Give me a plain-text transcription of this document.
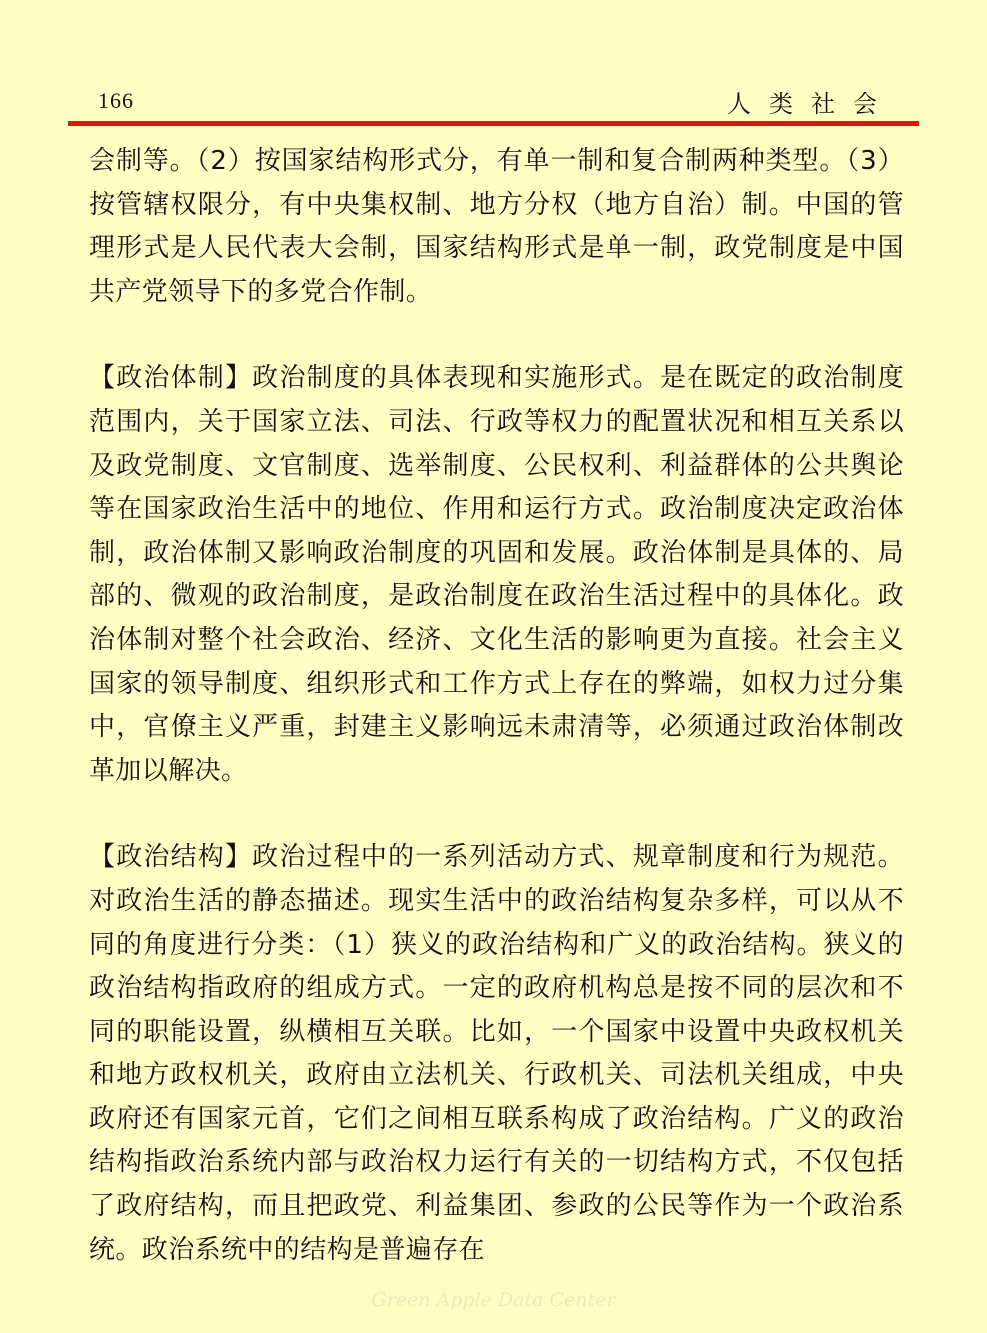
166	人类社会

会制等。（2）按国家结构形式分，有单一制和复合制两种类型。（3）按管辖权限分，有中央集权制、地方分权（地方自治）制。中国的管理形式是人民代表大会制，国家结构形式是单一制，政党制度是中国共产党领导下的多党合作制。

【政治体制】政治制度的具体表现和实施形式。是在既定的政治制度范围内，关于国家立法、司法、行政等权力的配置状况和相互关系以及政党制度、文官制度、选举制度、公民权利、利益群体的公共舆论等在国家政治生活中的地位、作用和运行方式。政治制度决定政治体制，政治体制又影响政治制度的巩固和发展。政治体制是具体的、局部的、微观的政治制度，是政治制度在政治生活过程中的具体化。政治体制对整个社会政治、经济、文化生活的影响更为直接。社会主义国家的领导制度、组织形式和工作方式上存在的弊端，如权力过分集中，官僚主义严重，封建主义影响远未肃清等，必须通过政治体制改革加以解决。

【政治结构】政治过程中的一系列活动方式、规章制度和行为规范。对政治生活的静态描述。现实生活中的政治结构复杂多样，可以从不同的角度进行分类：（1）狭义的政治结构和广义的政治结构。狭义的政治结构指政府的组成方式。一定的政府机构总是按不同的层次和不同的职能设置，纵横相互关联。比如，一个国家中设置中央政权机关和地方政权机关，政府由立法机关、行政机关、司法机关组成，中央政府还有国家元首，它们之间相互联系构成了政治结构。广义的政治结构指政治系统内部与政治权力运行有关的一切结构方式，不仅包括了政府结构，而且把政党、利益集团、参政的公民等作为一个政治系统。政治系统中的结构是普遍存在

Green Apple Data Center
